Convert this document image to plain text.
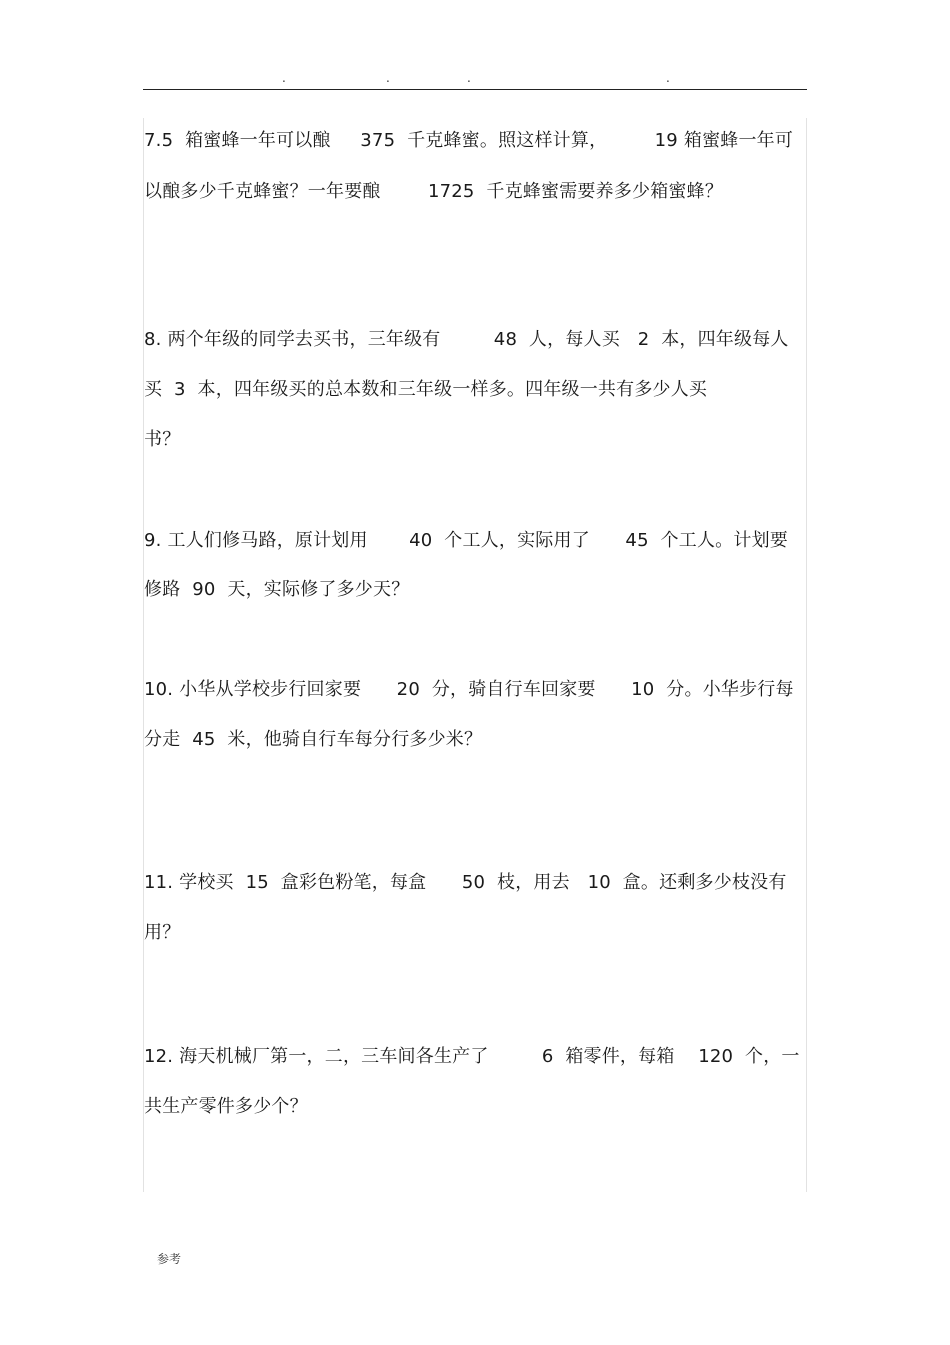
.	.	.	.
7.5  箱蜜蜂一年可以酿     375  千克蜂蜜。照这样计算，        19 箱蜜蜂一年可
以酿多少千克蜂蜜？一年要酿        1725  千克蜂蜜需要养多少箱蜜蜂？
8. 两个年级的同学去买书，三年级有         48  人，每人买   2  本，四年级每人
买  3  本，四年级买的总本数和三年级一样多。四年级一共有多少人买
书？
9. 工人们修马路，原计划用       40  个工人，实际用了      45  个工人。计划要
修路  90  天，实际修了多少天？
10. 小华从学校步行回家要      20  分，骑自行车回家要      10  分。小华步行每
分走  45  米，他骑自行车每分行多少米？
11. 学校买  15  盒彩色粉笔，每盒      50  枝，用去   10  盒。还剩多少枝没有
用？
12. 海天机械厂第一，二，三车间各生产了         6  箱零件，每箱    120  个，一
共生产零件多少个？
参考
